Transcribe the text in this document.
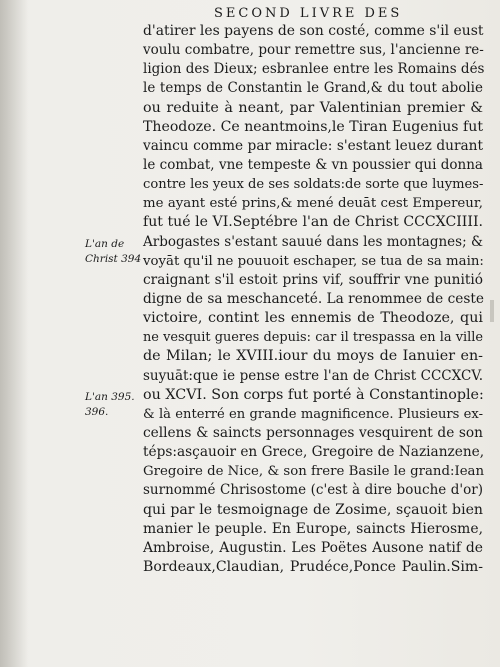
SECOND LIVRE DES
L'an de
Christ 394
L'an 395.
396.
d'atirer les payens de son costé, comme s'il eust
voulu combatre, pour remettre sus, l'ancienne re-
ligion des Dieux; esbranlee entre les Romains dés
le temps de Constantin le Grand,& du tout abolie
ou reduite à neant, par Valentinian premier &
Theodoze. Ce neantmoins,le Tiran Eugenius fut
vaincu comme par miracle: s'estant leuez durant
le combat, vne tempeste & vn poussier qui donna
contre les yeux de ses soldats:de sorte que luymes-
me ayant esté prins,& mené deuāt cest Empereur,
fut tué le VI.Septébre l'an de Christ CCCXCIIII.
Arbogastes s'estant sauué dans les montagnes; &
voyāt qu'il ne pouuoit eschaper, se tua de sa main:
craignant s'il estoit prins vif, souffrir vne punitió
digne de sa meschanceté. La renommee de ceste
victoire, contint les ennemis de Theodoze, qui
ne vesquit gueres depuis: car il trespassa en la ville
de Milan; le XVIII.iour du moys de Ianuier en-
suyuāt:que ie pense estre l'an de Christ CCCXCV.
ou XCVI. Son corps fut porté à Constantinople:
& là enterré en grande magnificence. Plusieurs ex-
cellens & saincts personnages vesquirent de son
téps:asçauoir en Grece, Gregoire de Nazianzene,
Gregoire de Nice, & son frere Basile le grand:Iean
surnommé Chrisostome (c'est à dire bouche d'or)
qui par le tesmoignage de Zosime, sçauoit bien
manier le peuple. En Europe, saincts Hierosme,
Ambroise, Augustin. Les Poëtes Ausone natif de
Bordeaux,Claudian, Prudéce,Ponce Paulin.Sim-
